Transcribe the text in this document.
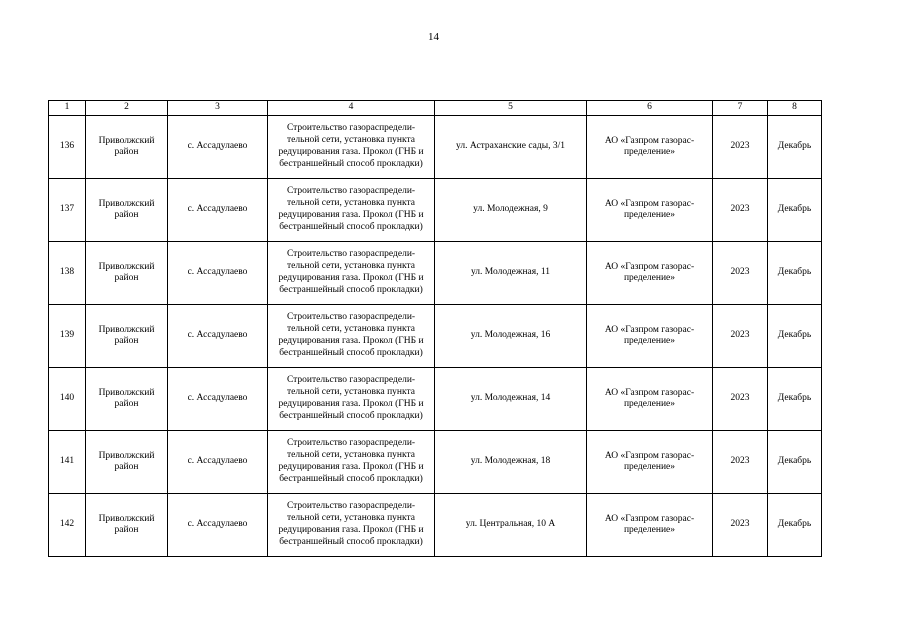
14
1	2	3	4	5	6	7	8
136	Приволжский район	с. Ассадулаево	Строительство газораспредели- тельной сети, установка пункта редуцирования газа. Прокол (ГНБ и бестраншейный способ прокладки)	ул. Астраханские сады, 3/1	АО «Газпром газорас- пределение»	2023	Декабрь
137	Приволжский район	с. Ассадулаево	Строительство газораспредели- тельной сети, установка пункта редуцирования газа. Прокол (ГНБ и бестраншейный способ прокладки)	ул. Молодежная, 9	АО «Газпром газорас- пределение»	2023	Декабрь
138	Приволжский район	с. Ассадулаево	Строительство газораспредели- тельной сети, установка пункта редуцирования газа. Прокол (ГНБ и бестраншейный способ прокладки)	ул. Молодежная, 11	АО «Газпром газорас- пределение»	2023	Декабрь
139	Приволжский район	с. Ассадулаево	Строительство газораспредели- тельной сети, установка пункта редуцирования газа. Прокол (ГНБ и бестраншейный способ прокладки)	ул. Молодежная, 16	АО «Газпром газорас- пределение»	2023	Декабрь
140	Приволжский район	с. Ассадулаево	Строительство газораспредели- тельной сети, установка пункта редуцирования газа. Прокол (ГНБ и бестраншейный способ прокладки)	ул. Молодежная, 14	АО «Газпром газорас- пределение»	2023	Декабрь
141	Приволжский район	с. Ассадулаево	Строительство газораспредели- тельной сети, установка пункта редуцирования газа. Прокол (ГНБ и бестраншейный способ прокладки)	ул. Молодежная, 18	АО «Газпром газорас- пределение»	2023	Декабрь
142	Приволжский район	с. Ассадулаево	Строительство газораспредели- тельной сети, установка пункта редуцирования газа. Прокол (ГНБ и бестраншейный способ прокладки)	ул. Центральная, 10 А	АО «Газпром газорас- пределение»	2023	Декабрь
